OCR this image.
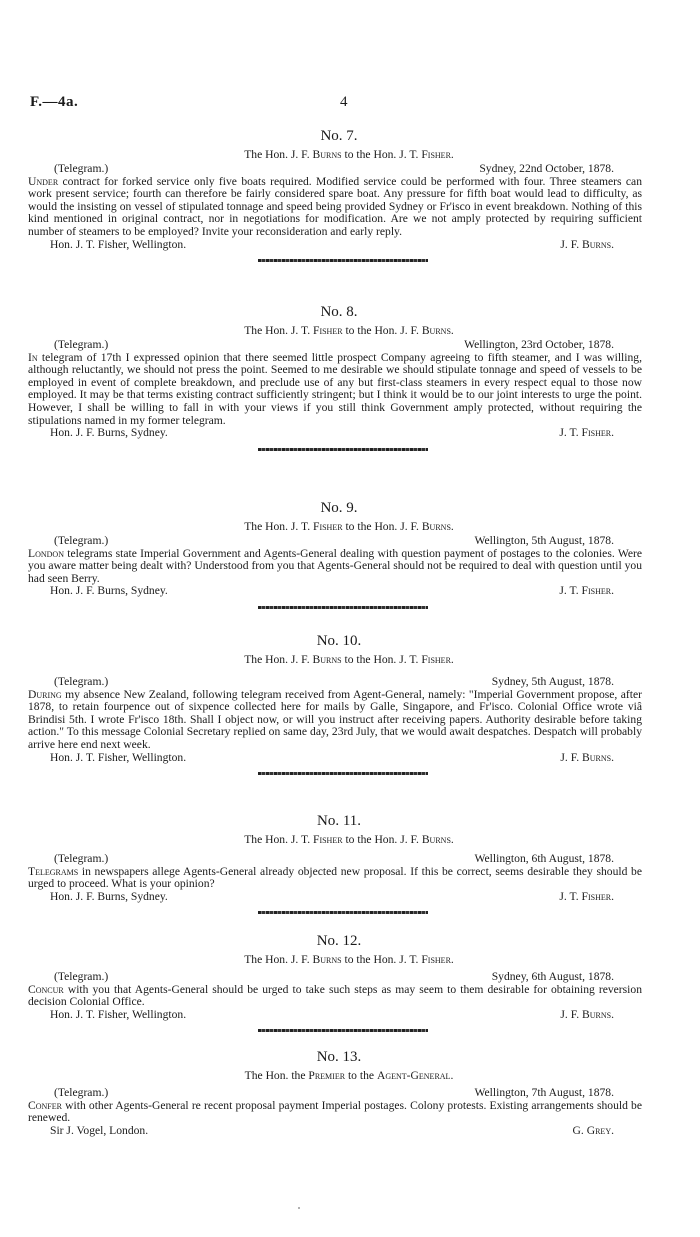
F.—4a.	4
No. 7.
The Hon. J. F. Burns to the Hon. J. T. Fisher.
(Telegram.)	Sydney, 22nd October, 1878.
Under contract for forked service only five boats required. Modified service could be performed with four. Three steamers can work present service; fourth can therefore be fairly considered spare boat. Any pressure for fifth boat would lead to difficulty, as would the insisting on vessel of stipulated tonnage and speed being provided Sydney or Fr'isco in event breakdown. Nothing of this kind mentioned in original contract, nor in negotiations for modification. Are we not amply protected by requiring sufficient number of steamers to be employed? Invite your reconsideration and early reply.
Hon. J. T. Fisher, Wellington.	J. F. Burns.
No. 8.
The Hon. J. T. Fisher to the Hon. J. F. Burns.
(Telegram.)	Wellington, 23rd October, 1878.
In telegram of 17th I expressed opinion that there seemed little prospect Company agreeing to fifth steamer, and I was willing, although reluctantly, we should not press the point. Seemed to me desirable we should stipulate tonnage and speed of vessels to be employed in event of complete breakdown, and preclude use of any but first-class steamers in every respect equal to those now employed. It may be that terms existing contract sufficiently stringent; but I think it would be to our joint interests to urge the point. However, I shall be willing to fall in with your views if you still think Government amply protected, without requiring the stipulations named in my former telegram.
Hon. J. F. Burns, Sydney.	J. T. Fisher.
No. 9.
The Hon. J. T. Fisher to the Hon. J. F. Burns.
(Telegram.)	Wellington, 5th August, 1878.
London telegrams state Imperial Government and Agents-General dealing with question payment of postages to the colonies. Were you aware matter being dealt with? Understood from you that Agents-General should not be required to deal with question until you had seen Berry.
Hon. J. F. Burns, Sydney.	J. T. Fisher.
No. 10.
The Hon. J. F. Burns to the Hon. J. T. Fisher.
(Telegram.)	Sydney, 5th August, 1878.
During my absence New Zealand, following telegram received from Agent-General, namely: "Imperial Government propose, after 1878, to retain fourpence out of sixpence collected here for mails by Galle, Singapore, and Fr'isco. Colonial Office wrote viâ Brindisi 5th. I wrote Fr'isco 18th. Shall I object now, or will you instruct after receiving papers. Authority desirable before taking action." To this message Colonial Secretary replied on same day, 23rd July, that we would await despatches. Despatch will probably arrive here end next week.
Hon. J. T. Fisher, Wellington.	J. F. Burns.
No. 11.
The Hon. J. T. Fisher to the Hon. J. F. Burns.
(Telegram.)	Wellington, 6th August, 1878.
Telegrams in newspapers allege Agents-General already objected new proposal. If this be correct, seems desirable they should be urged to proceed. What is your opinion?
Hon. J. F. Burns, Sydney.	J. T. Fisher.
No. 12.
The Hon. J. F. Burns to the Hon. J. T. Fisher.
(Telegram.)	Sydney, 6th August, 1878.
Concur with you that Agents-General should be urged to take such steps as may seem to them desirable for obtaining reversion decision Colonial Office.
Hon. J. T. Fisher, Wellington.	J. F. Burns.
No. 13.
The Hon. the Premier to the Agent-General.
(Telegram.)	Wellington, 7th August, 1878.
Confer with other Agents-General re recent proposal payment Imperial postages. Colony protests. Existing arrangements should be renewed.
Sir J. Vogel, London.	G. Grey.
